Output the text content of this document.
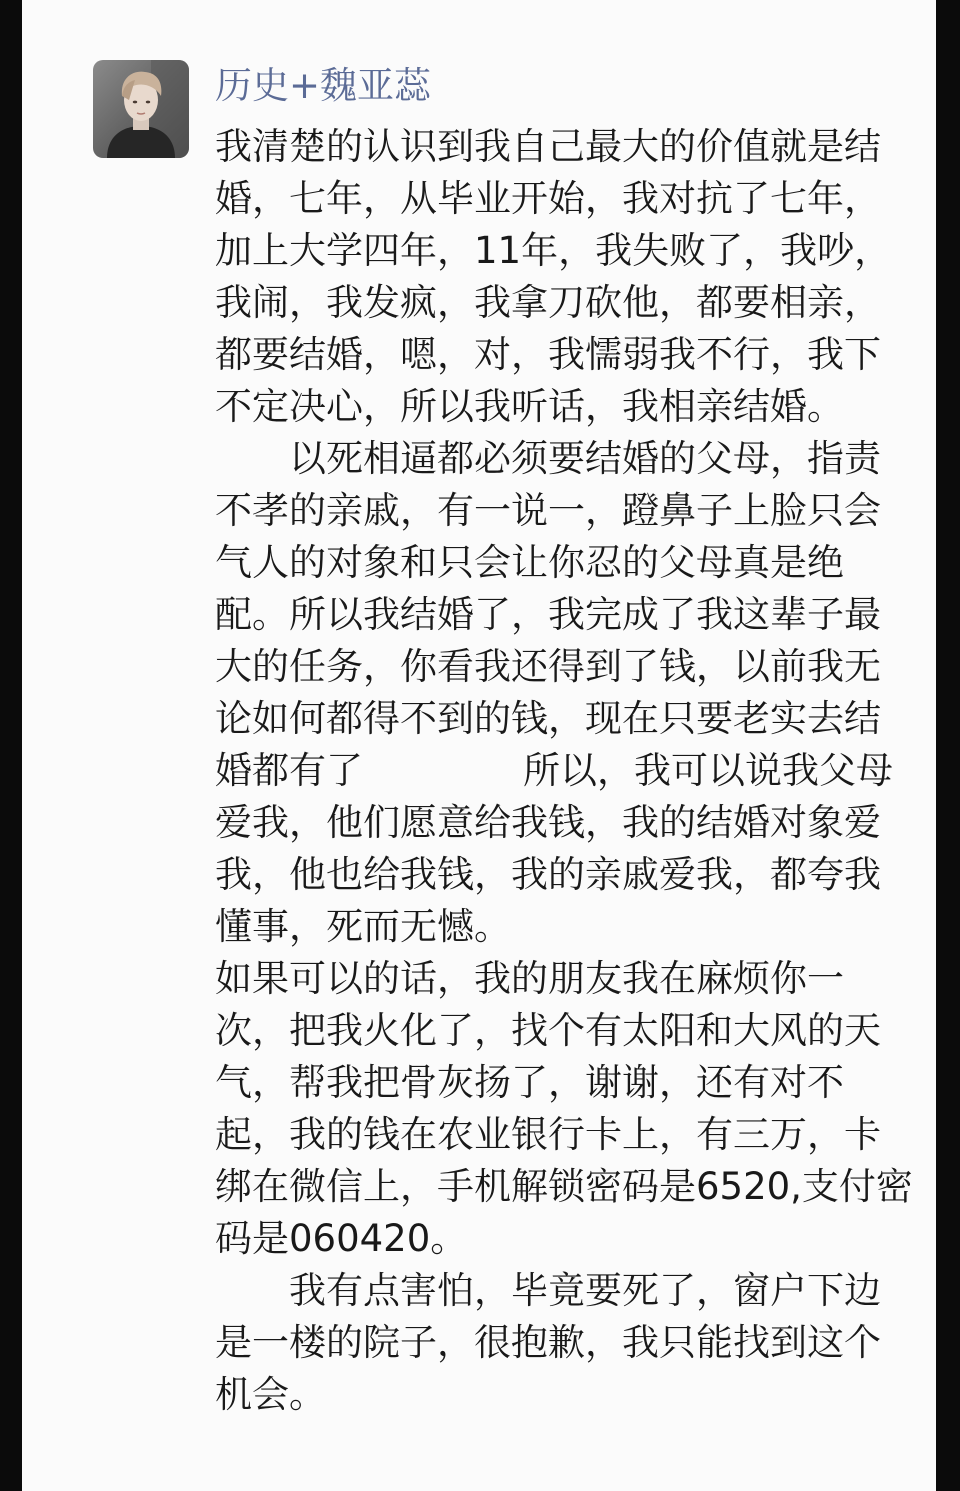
历史+魏亚蕊

我清楚的认识到我自己最大的价值就是结婚，七年，从毕业开始，我对抗了七年，加上大学四年，11年，我失败了，我吵，我闹，我发疯，我拿刀砍他，都要相亲，都要结婚，嗯，对，我懦弱我不行，我下不定决心，所以我听话，我相亲结婚。

以死相逼都必须要结婚的父母，指责不孝的亲戚，有一说一，蹬鼻子上脸只会气人的对象和只会让你忍的父母真是绝配。所以我结婚了，我完成了我这辈子最大的任务，你看我还得到了钱，以前我无论如何都得不到的钱，现在只要老实去结婚都有了	所以，我可以说我父母爱我，他们愿意给我钱，我的结婚对象爱我，他也给我钱，我的亲戚爱我，都夸我懂事，死而无憾。

如果可以的话，我的朋友我在麻烦你一次，把我火化了，找个有太阳和大风的天气，帮我把骨灰扬了，谢谢，还有对不起，我的钱在农业银行卡上，有三万，卡绑在微信上，手机解锁密码是6520,支付密码是060420。

我有点害怕，毕竟要死了，窗户下边是一楼的院子，很抱歉，我只能找到这个机会。
